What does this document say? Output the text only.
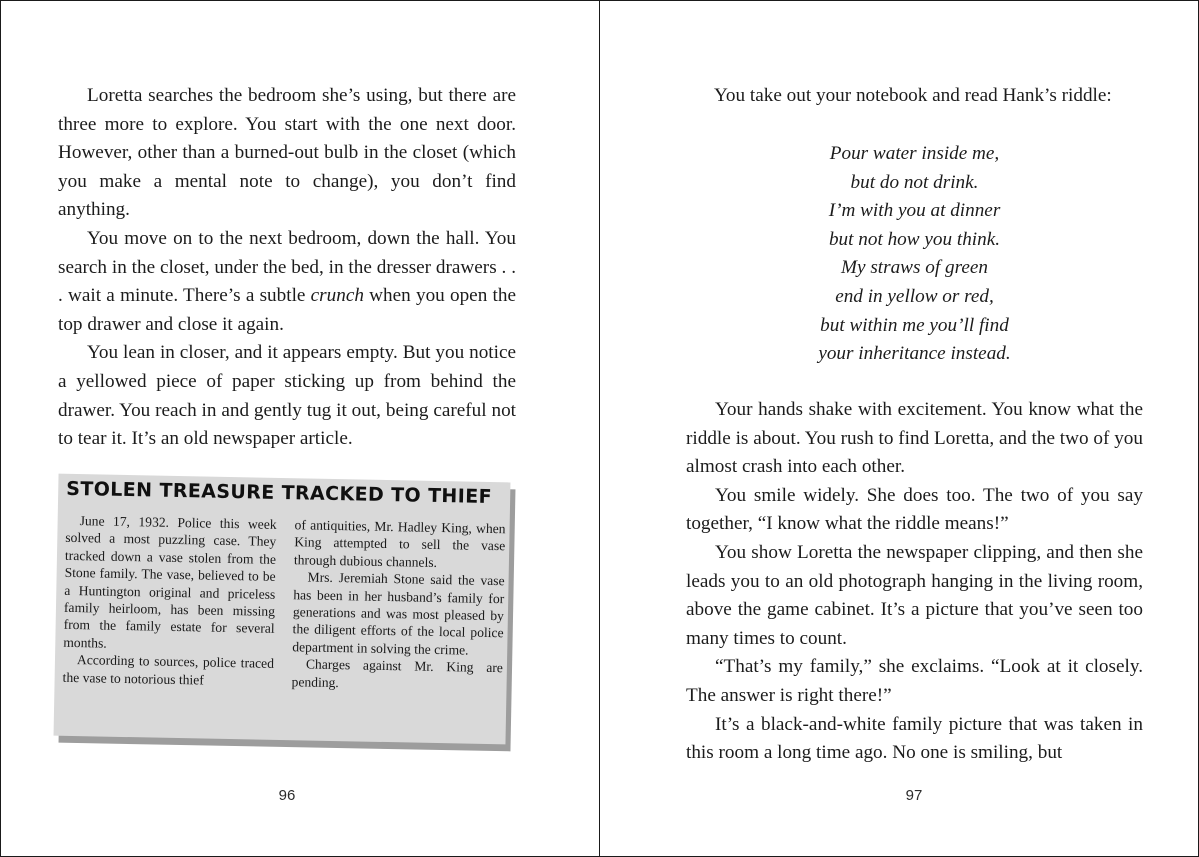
Loretta searches the bedroom she’s using, but there are three more to explore. You start with the one next door. However, other than a burned-out bulb in the closet (which you make a mental note to change), you don’t find anything.

You move on to the next bedroom, down the hall. You search in the closet, under the bed, in the dresser drawers . . . wait a minute. There’s a subtle crunch when you open the top drawer and close it again.

You lean in closer, and it appears empty. But you notice a yellowed piece of paper sticking up from behind the drawer. You reach in and gently tug it out, being careful not to tear it. It’s an old newspaper article.

STOLEN TREASURE TRACKED TO THIEF

June 17, 1932. Police this week solved a most puzzling case. They tracked down a vase stolen from the Stone family. The vase, believed to be a Huntington original and priceless family heirloom, has been missing from the family estate for several months.

According to sources, police traced the vase to notorious thief

of antiquities, Mr. Hadley King, when King attempted to sell the vase through dubious channels.

Mrs. Jeremiah Stone said the vase has been in her husband’s family for generations and was most pleased by the diligent efforts of the local police department in solving the crime.

Charges against Mr. King are pending.

96
You take out your notebook and read Hank’s riddle:
Pour water inside me,
but do not drink.
I’m with you at dinner
but not how you think.
My straws of green
end in yellow or red,
but within me you’ll find
your inheritance instead.

Your hands shake with excitement. You know what the riddle is about. You rush to find Loretta, and the two of you almost crash into each other.

You smile widely. She does too. The two of you say together, “I know what the riddle means!”

You show Loretta the newspaper clipping, and then she leads you to an old photograph hanging in the living room, above the game cabinet. It’s a picture that you’ve seen too many times to count.

“That’s my family,” she exclaims. “Look at it closely. The answer is right there!”

It’s a black-and-white family picture that was taken in this room a long time ago. No one is smiling, but

97
